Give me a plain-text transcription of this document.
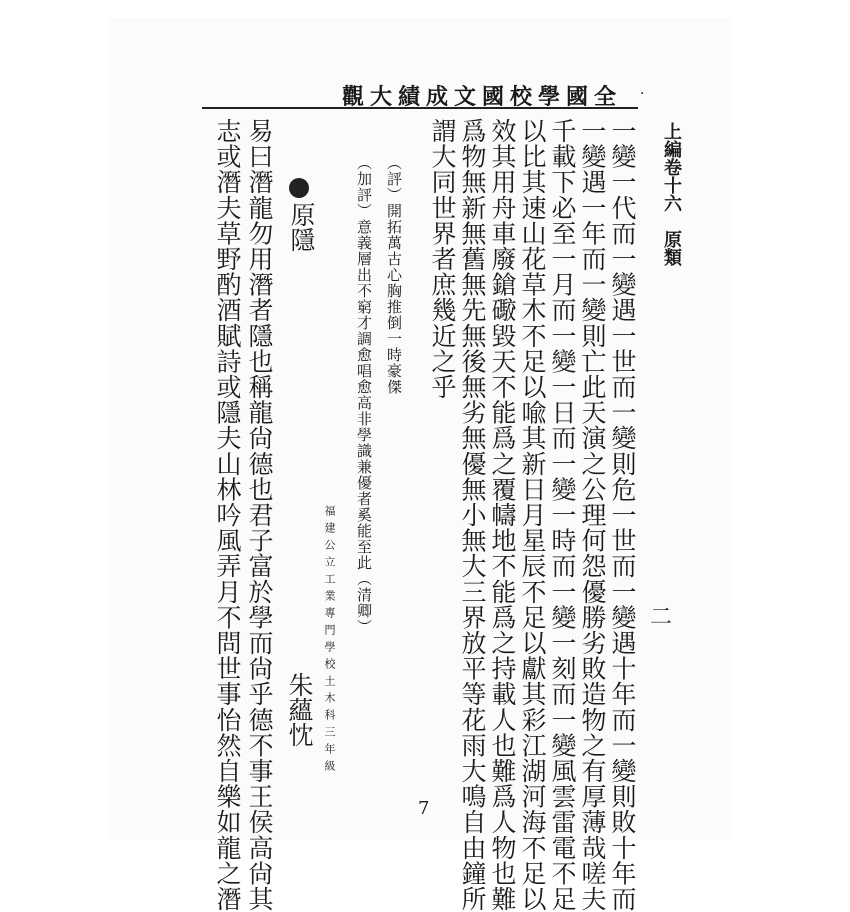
全國學校國文成績大觀 ·
上編卷十六　原類
二
一變一代而一變遇一世而一變則危一世而一變遇十年而一變則敗十年而
一變遇一年而一變則亡此天演之公理何怨優勝劣敗造物之有厚薄哉嗟夫
千載下必至一月而一變一日而一變一時而一變一刻而一變風雲雷電不足
以比其速山花草木不足以喩其新日月星辰不足以獻其彩江湖河海不足以
效其用舟車廢鎗礮毀天不能爲之覆幬地不能爲之持載人也難爲人物也難
爲物無新無舊無先無後無劣無優無小無大三界放平等花雨大鳴自由鐘所
謂大同世界者庶幾近之乎
（評）開拓萬古心胸推倒一時豪傑
（加評）意義層出不窮才調愈唱愈高非學識兼優者奚能至此（清卿）
原隱
福建公立工業專門學校土木科三年級
朱蘊忱
易曰潛龍勿用潛者隱也稱龍尙德也君子富於學而尙乎德不事王侯高尙其
志或潛夫草野酌酒賦詩或隱夫山林吟風弄月不問世事怡然自樂如龍之潛	7
